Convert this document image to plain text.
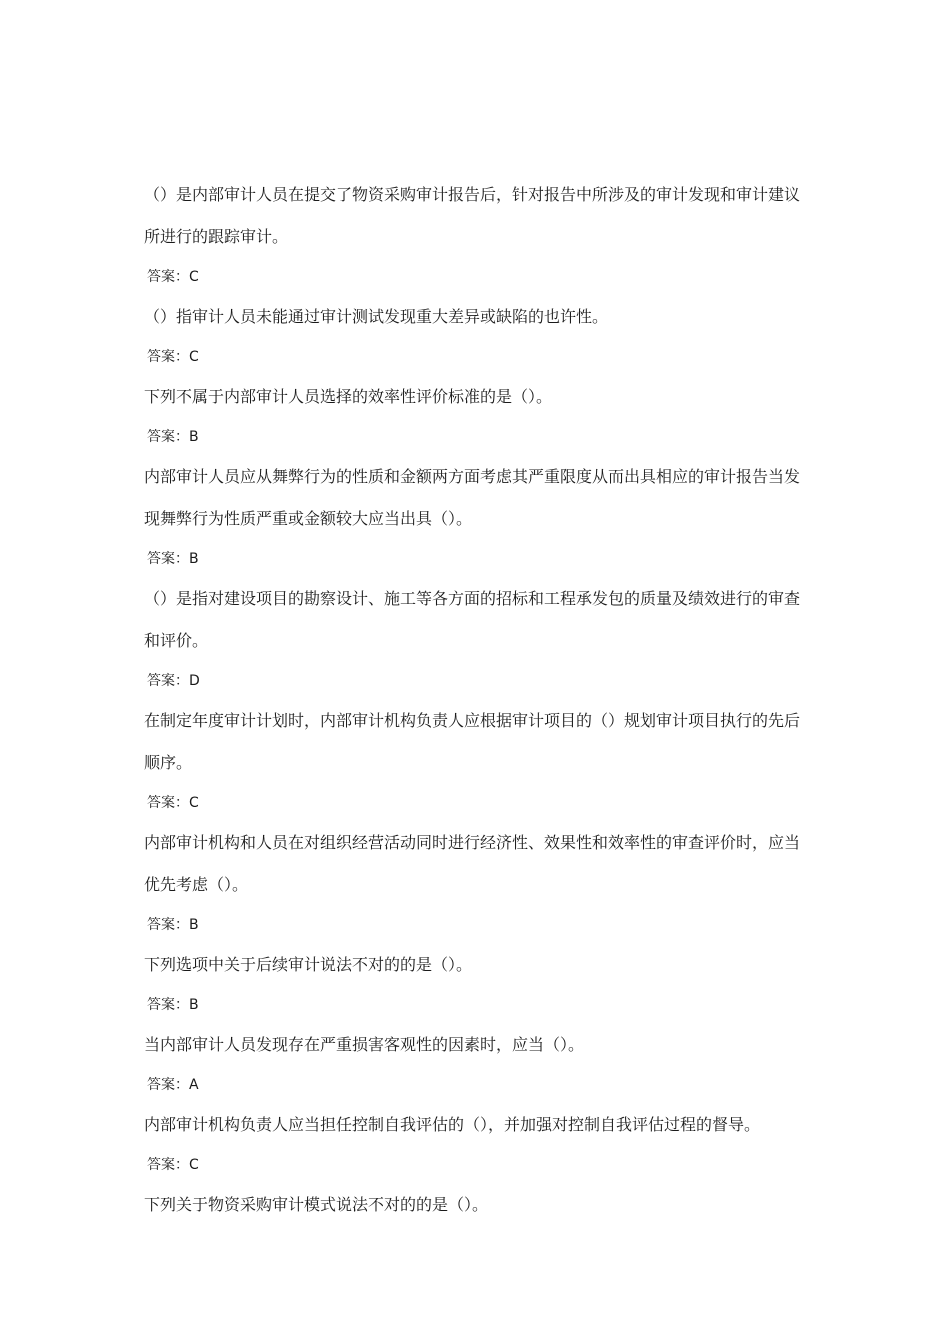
（）是内部审计人员在提交了物资采购审计报告后，针对报告中所涉及的审计发现和审计建议所进行的跟踪审计。

答案：C

（）指审计人员未能通过审计测试发现重大差异或缺陷的也许性。

答案：C

下列不属于内部审计人员选择的效率性评价标准的是（）。

答案：B

内部审计人员应从舞弊行为的性质和金额两方面考虑其严重限度从而出具相应的审计报告当发现舞弊行为性质严重或金额较大应当出具（）。

答案：B

（）是指对建设项目的勘察设计、施工等各方面的招标和工程承发包的质量及绩效进行的审查和评价。

答案：D

在制定年度审计计划时，内部审计机构负责人应根据审计项目的（）规划审计项目执行的先后顺序。

答案：C

内部审计机构和人员在对组织经营活动同时进行经济性、效果性和效率性的审查评价时，应当优先考虑（）。

答案：B

下列选项中关于后续审计说法不对的的是（）。

答案：B

当内部审计人员发现存在严重损害客观性的因素时，应当（）。

答案：A

内部审计机构负责人应当担任控制自我评估的（），并加强对控制自我评估过程的督导。

答案：C

下列关于物资采购审计模式说法不对的的是（）。
